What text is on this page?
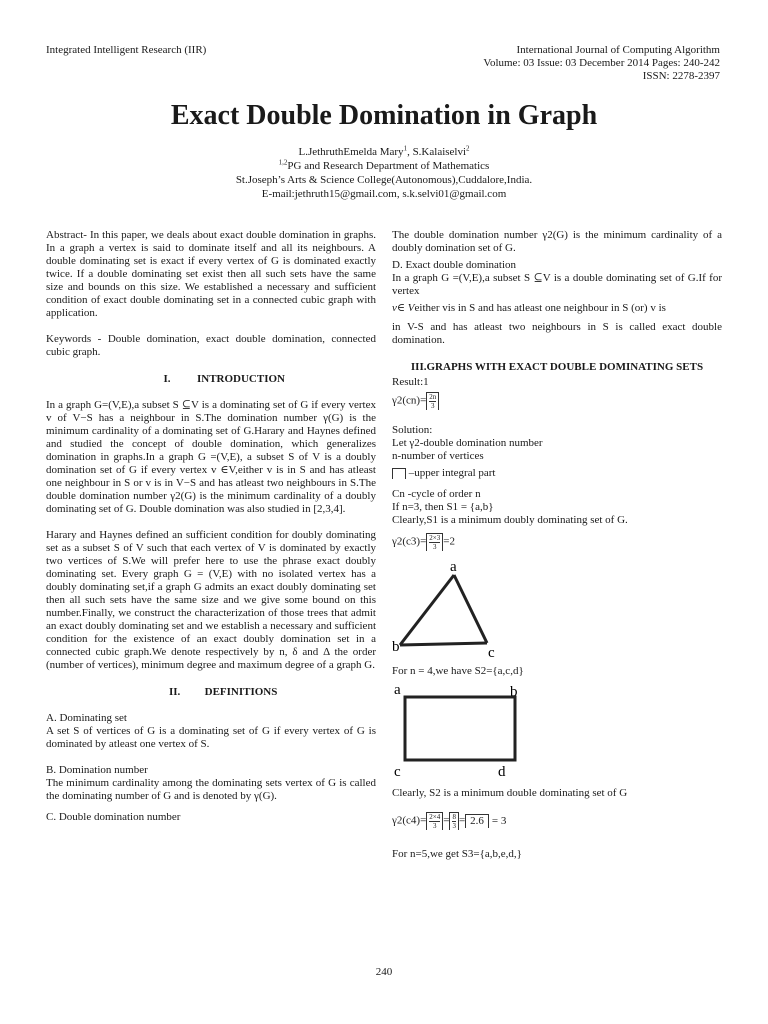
Integrated Intelligent Research (IIR)	International Journal of Computing Algorithm
Volume: 03 Issue: 03 December 2014 Pages: 240-242
ISSN: 2278-2397
Exact Double Domination in Graph
L.JethruthEmelda Mary$^1$, S.Kalaiselvi$^2$
$^{1,2}$PG and Research Department of Mathematics
St.Joseph’s Arts & Science College(Autonomous),Cuddalore,India.
E-mail:jethruth15@gmail.com, s.k.selvi01@gmail.com

Abstract- In this paper, we deals about exact double domination in graphs. In a graph a vertex is said to dominate itself and all its neighbours. A double dominating set is exact if every vertex of G is dominated exactly twice. If a double dominating set exist then all such sets have the same size and bounds on this size. We established a necessary and sufficient condition of exact double dominating set in a connected cubic graph with application.

Keywords - Double domination, exact double domination, connected cubic graph.

I. INTRODUCTION

In a graph G=(V,E),a subset S ⊆V is a dominating set of G if every vertex v of V−S has a neighbour in S.The domination number γ(G) is the minimum cardinality of a dominating set of G.Harary and Haynes defined and studied the concept of double domination, which generalizes domination in graphs.In a graph G =(V,E), a subset S of V is a doubly domination set of G if every vertex v ∈V,either v is in S and has atleast one neighbour in S or v is in V−S and has atleast two neighbours in S.The double domination number γ2(G) is the minimum cardinality of a doubly dominating set of G. Double domination was also studied in [2,3,4].

Harary and Haynes defined an sufficient condition for doubly dominating set as a subset S of V such that each vertex of V is dominated by exactly two vertices of S.We will prefer here to use the phrase exact doubly dominating set. Every graph G = (V,E) with no isolated vertex has a doubly dominating set,if a graph G admits an exact doubly dominating set then all such sets have the same size and we give some bound on this number.Finally, we construct the characterization of those trees that admit an exact doubly dominating set and we establish a necessary and sufficient condition for the existence of an exact doubly domination set in a connected cubic graph.We denote respectively by n, δ and Δ the order (number of vertices), minimum degree and maximum degree of a graph G.

II. DEFINITIONS

A. Dominating set

A set S of vertices of G is a dominating set of G if every vertex of G is dominated by atleast one vertex of S.

B. Domination number

The minimum cardinality among the dominating sets vertex of G is called the dominating number of G and is denoted by γ(G).

C. Double domination number

The double domination number γ2(G) is the minimum cardinality of a doubly domination set of G.

D. Exact double domination

In a graph G =(V,E),a subset S ⊆V is a double dominating set of G.If for vertex

v∈ Veither vis in S and has atleast one neighbour in S (or) v is

in V-S and has atleast two neighbours in S is called exact double domination.

III.GRAPHS WITH EXACT DOUBLE DOMINATING SETS

Result:1

$\gamma 2(cn)= \frac{2n}{3}$

Solution:

Let γ2-double domination number

n-number of vertices

–upper integral part

Cn -cycle of order n

If n=3, then S1 = {a,b}

Clearly,S1 is a minimum doubly dominating set of G.

$\gamma 2(c3)= \frac{2\times 3}{3}=2$

a
b	c

For n = 4,we have S2={a,c,d}

a	b
c	d

Clearly, S2 is a minimum double dominating set of G

$\gamma 2(c4)= \frac{2\times 4}{3}= \frac{8}{3}= 2.6 = 3$

For n=5,we get S3={a,b,e,d,}

240
